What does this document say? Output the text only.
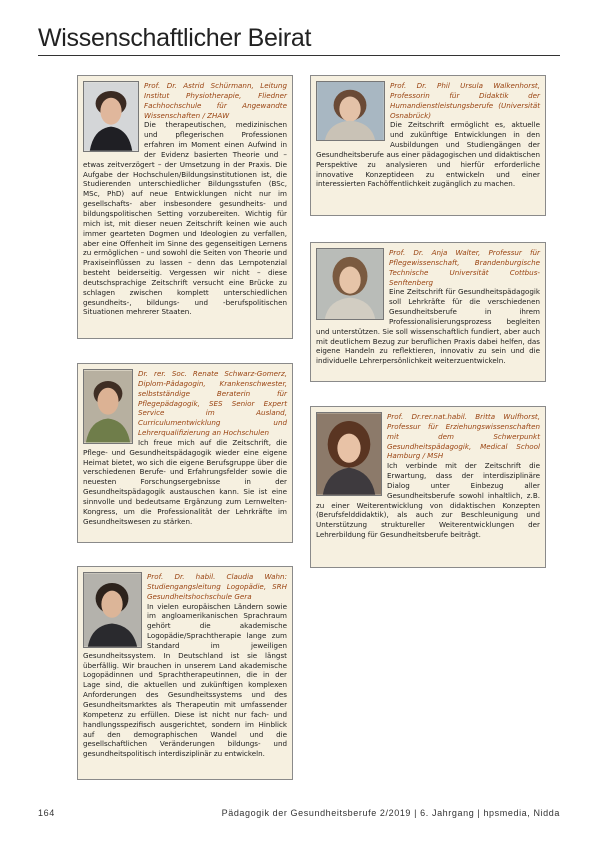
Wissenschaftlicher Beirat
Prof. Dr. Astrid Schürmann, Leitung Institut Physiotherapie, Fliedner Fachhochschule für Angewandte Wissenschaften / ZHAW
Die therapeutischen, medizinischen und pflegerischen Professionen erfahren im Moment einen Aufwind in der Evidenz basierten Theorie und – etwas zeitverzögert – der Umsetzung in der Praxis. Die Aufgabe der Hochschulen/Bildungsinstitutionen ist, die Studierenden unterschiedlicher Bildungsstufen (BSc, MSc, PhD) auf neue Entwicklungen nicht nur im gesellschafts- aber insbesondere gesundheits- und bildungspolitischen Setting vorzubereiten. Wichtig für mich ist, mit dieser neuen Zeitschrift keinen wie auch immer gearteten Dogmen und Ideologien zu verfallen, aber eine Offenheit im Sinne des gegenseitigen Lernens zu ermöglichen – und sowohl die Seiten von Theorie und Praxiseinflüssen zu lassen – denn das Lernpotenzial besteht beiderseitig. Vergessen wir nicht – diese deutschsprachige Zeitschrift versucht eine Brücke zu schlagen zwischen komplett unterschiedlichen gesundheits-, bildungs- und -berufspolitischen Situationen mehrerer Staaten.
Prof. Dr. Phil Ursula Walkenhorst, Professorin für Didaktik der Humandienstleistungsberufe (Universität Osnabrück)
Die Zeitschrift ermöglicht es, aktuelle und zukünftige Entwicklungen in den Ausbildungen und Studiengängen der Gesundheitsberufe aus einer pädagogischen und didaktischen Perspektive zu analysieren und hierfür erforderliche innovative Konzeptideen zu entwickeln und einer interessierten Fachöffentlichkeit zugänglich zu machen.
Prof. Dr. Anja Walter, Professur für Pflegewissenschaft, Brandenburgische Technische Universität Cottbus-Senftenberg
Eine Zeitschrift für Gesundheitspädagogik soll Lehrkräfte für die verschiedenen Gesundheitsberufe in ihrem Professionalisierungsprozess begleiten und unterstützen. Sie soll wissenschaftlich fundiert, aber auch mit deutlichem Bezug zur beruflichen Praxis dabei helfen, das eigene Handeln zu reflektieren, innovativ zu sein und die individuelle Lehrerpersönlichkeit weiterzuentwickeln.
Dr. rer. Soc. Renate Schwarz-Gomerz, Diplom-Pädagogin, Krankenschwester, selbstständige Beraterin für Pflegepädagogik, SES Senior Expert Service im Ausland, Curriculumentwicklung und Lehrerqualifizierung an Hochschulen
Ich freue mich auf die Zeitschrift, die Pflege- und Gesundheitspädagogik wieder eine eigene Heimat bietet, wo sich die eigene Berufsgruppe über die verschiedenen Berufe- und Erfahrungsfelder sowie die neuesten Forschungsergebnisse in der Gesundheitspädagogik austauschen kann. Sie ist eine sinnvolle und bedeutsame Ergänzung zum Lernwelten-Kongress, um die Professionalität der Lehrkräfte im Gesundheitswesen zu stärken.
Prof. Dr.rer.nat.habil. Britta Wulfhorst, Professur für Erziehungswissenschaften mit dem Schwerpunkt Gesundheitspädagogik, Medical School Hamburg / MSH
Ich verbinde mit der Zeitschrift die Erwartung, dass der interdisziplinäre Dialog unter Einbezug aller Gesundheitsberufe sowohl inhaltlich, z.B. zu einer Weiterentwicklung von didaktischen Konzepten (Berufsfelddidaktik), als auch zur Beschleunigung und Unterstützung struktureller Weiterentwicklungen der Lehrerbildung für Gesundheitsberufe beiträgt.
Prof. Dr. habil. Claudia Wahn: Studiengangsleitung Logopädie, SRH Gesundheitshochschule Gera
In vielen europäischen Ländern sowie im angloamerikanischen Sprachraum gehört die akademische Logopädie/Sprachtherapie lange zum Standard im jeweiligen Gesundheitssystem. In Deutschland ist sie längst überfällig. Wir brauchen in unserem Land akademische Logopädinnen und Sprachtherapeutinnen, die in der Lage sind, die aktuellen und zukünftigen komplexen Anforderungen des Gesundheitssystems und des Gesundheitsmarktes als Therapeutin mit umfassender Kompetenz zu erfüllen. Diese ist nicht nur fach- und handlungsspezifisch ausgerichtet, sondern im Hinblick auf den demographischen Wandel und die gesellschaftlichen Veränderungen bildungs- und gesundheitspolitisch interdisziplinär zu entwickeln.
164	Pädagogik der Gesundheitsberufe 2/2019 | 6. Jahrgang | hpsmedia, Nidda
